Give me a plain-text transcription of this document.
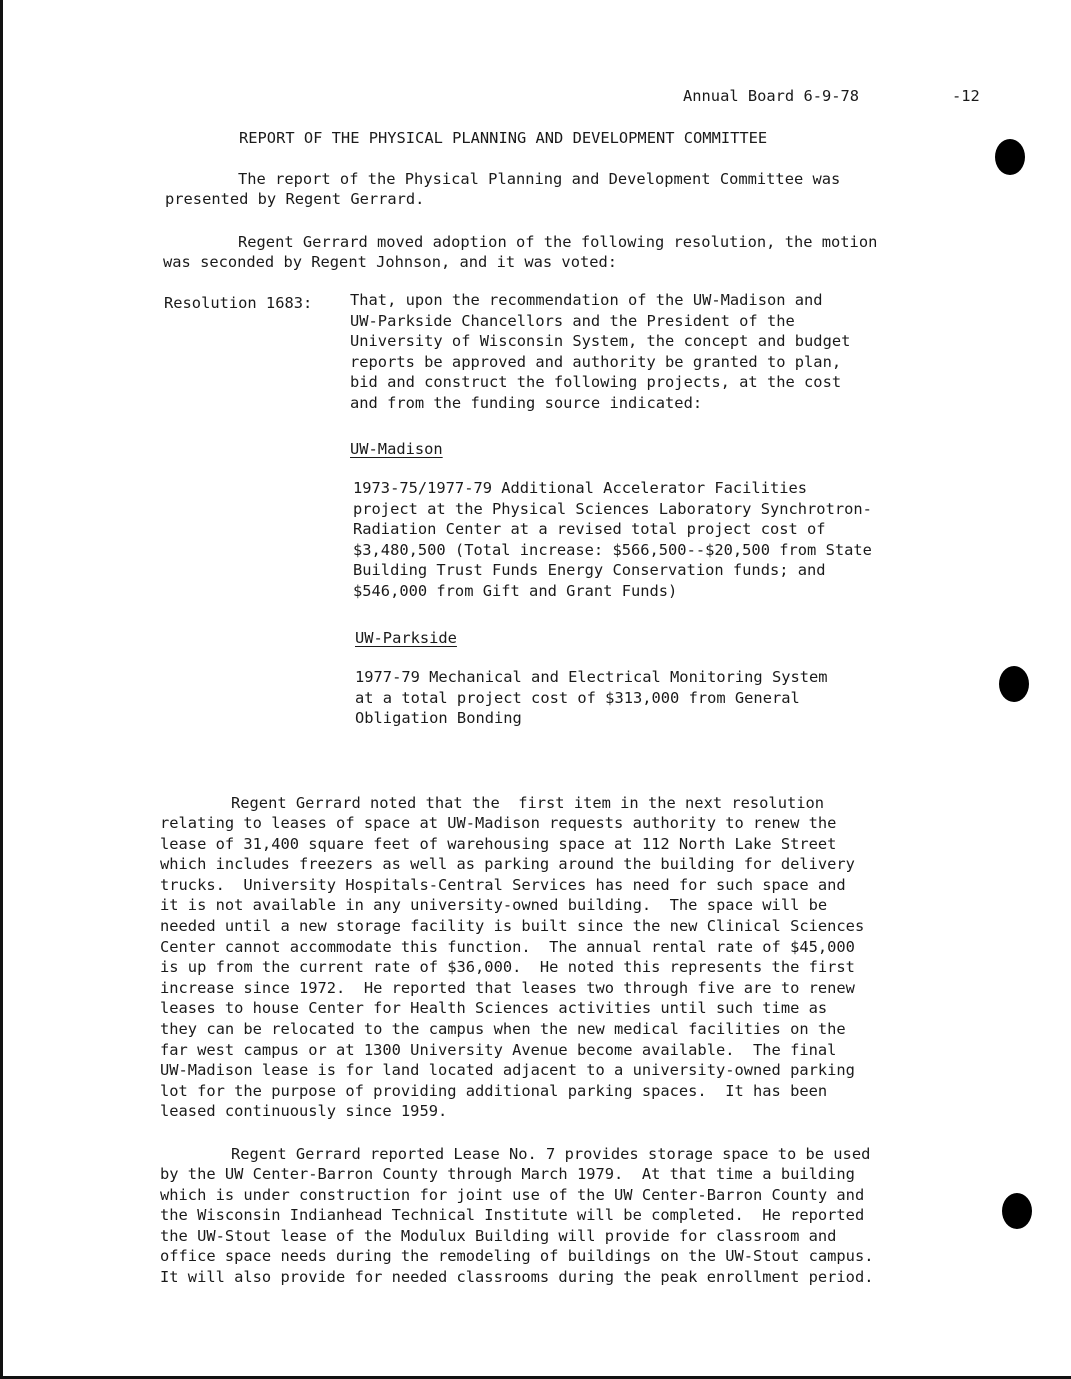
Annual Board 6-9-78	-12
REPORT OF THE PHYSICAL PLANNING AND DEVELOPMENT COMMITTEE
The report of the Physical Planning and Development Committee was
presented by Regent Gerrard.
Regent Gerrard moved adoption of the following resolution, the motion
was seconded by Regent Johnson, and it was voted:
Resolution 1683: That, upon the recommendation of the UW-Madison and
UW-Parkside Chancellors and the President of the
University of Wisconsin System, the concept and budget
reports be approved and authority be granted to plan,
bid and construct the following projects, at the cost
and from the funding source indicated:
UW-Madison
1973-75/1977-79 Additional Accelerator Facilities
project at the Physical Sciences Laboratory Synchrotron-
Radiation Center at a revised total project cost of
$3,480,500 (Total increase: $566,500--$20,500 from State
Building Trust Funds Energy Conservation funds; and
$546,000 from Gift and Grant Funds)
UW-Parkside
1977-79 Mechanical and Electrical Monitoring System
at a total project cost of $313,000 from General
Obligation Bonding
Regent Gerrard noted that the  first item in the next resolution
relating to leases of space at UW-Madison requests authority to renew the
lease of 31,400 square feet of warehousing space at 112 North Lake Street
which includes freezers as well as parking around the building for delivery
trucks.  University Hospitals-Central Services has need for such space and
it is not available in any university-owned building.  The space will be
needed until a new storage facility is built since the new Clinical Sciences
Center cannot accommodate this function.  The annual rental rate of $45,000
is up from the current rate of $36,000.  He noted this represents the first
increase since 1972.  He reported that leases two through five are to renew
leases to house Center for Health Sciences activities until such time as
they can be relocated to the campus when the new medical facilities on the
far west campus or at 1300 University Avenue become available.  The final
UW-Madison lease is for land located adjacent to a university-owned parking
lot for the purpose of providing additional parking spaces.  It has been
leased continuously since 1959.
Regent Gerrard reported Lease No. 7 provides storage space to be used
by the UW Center-Barron County through March 1979.  At that time a building
which is under construction for joint use of the UW Center-Barron County and
the Wisconsin Indianhead Technical Institute will be completed.  He reported
the UW-Stout lease of the Modulux Building will provide for classroom and
office space needs during the remodeling of buildings on the UW-Stout campus.
It will also provide for needed classrooms during the peak enrollment period.
